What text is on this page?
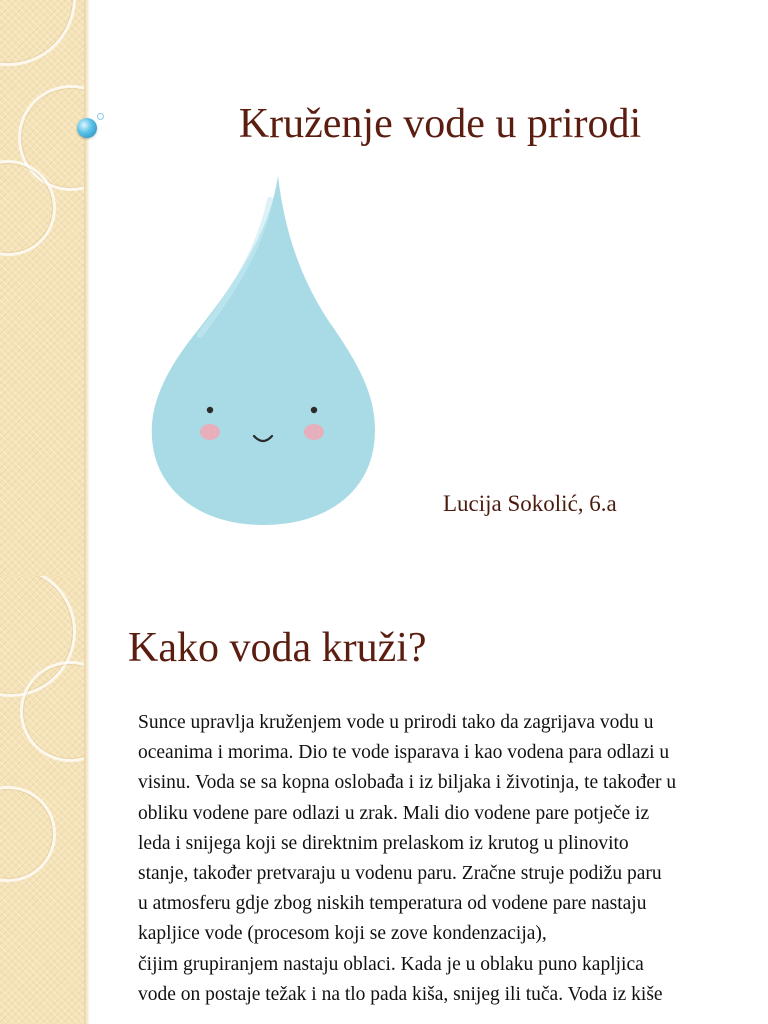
Kruženje vode u prirodi

Lucija Sokolić, 6.a

Kako voda kruži?
Sunce upravlja kruženjem vode u prirodi tako da zagrijava vodu u
oceanima i morima. Dio te vode isparava i kao vodena para odlazi u
visinu. Voda se sa kopna oslobađa i iz biljaka i životinja, te također u
obliku vodene pare odlazi u zrak. Mali dio vodene pare potječe iz
leda i snijega koji se direktnim prelaskom iz krutog u plinovito
stanje, također pretvaraju u vodenu paru. Zračne struje podižu paru
u atmosferu gdje zbog niskih temperatura od vodene pare nastaju
kapljice vode (procesom koji se zove kondenzacija),
čijim grupiranjem nastaju oblaci. Kada je u oblaku puno kapljica
vode on postaje težak i na tlo pada kiša, snijeg ili tuča. Voda iz kiše
